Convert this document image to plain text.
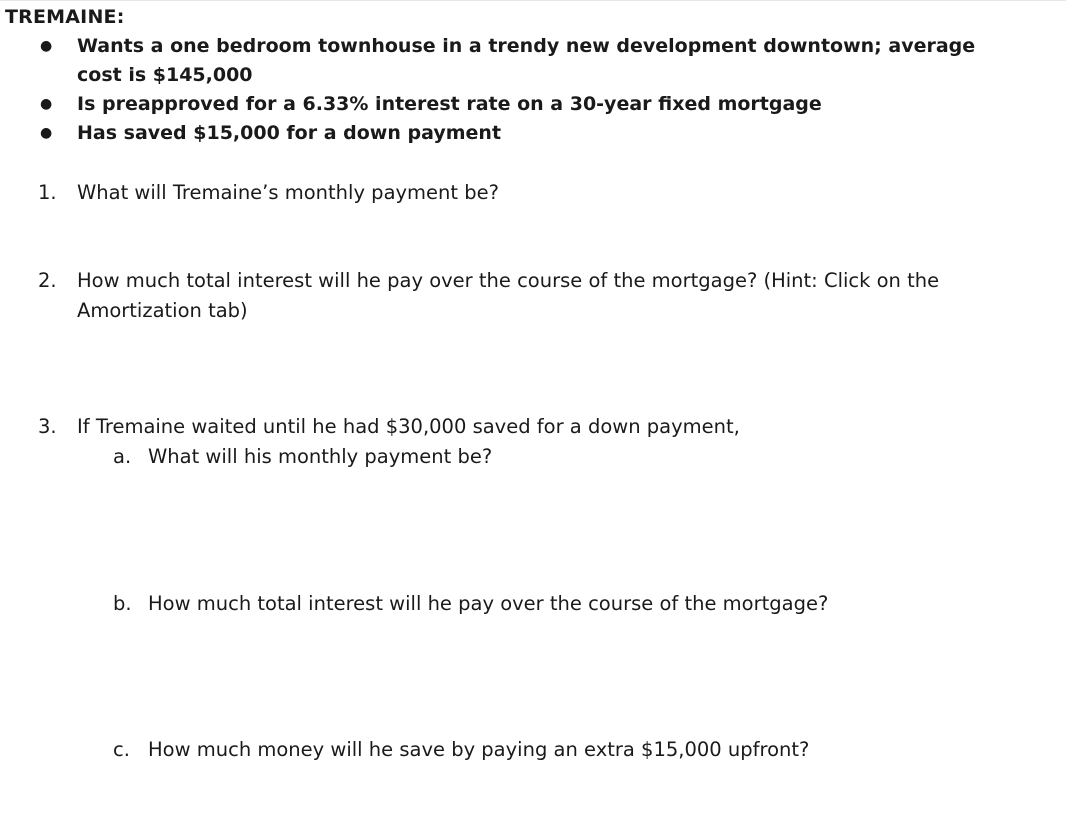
TREMAINE:
● Wants a one bedroom townhouse in a trendy new development downtown; average
cost is $145,000
● Is preapproved for a 6.33% interest rate on a 30-year fixed mortgage
● Has saved $15,000 for a down payment
1. What will Tremaine’s monthly payment be?
2. How much total interest will he pay over the course of the mortgage? (Hint: Click on the
Amortization tab)
3. If Tremaine waited until he had $30,000 saved for a down payment,
a. What will his monthly payment be?
b. How much total interest will he pay over the course of the mortgage?
c. How much money will he save by paying an extra $15,000 upfront?
